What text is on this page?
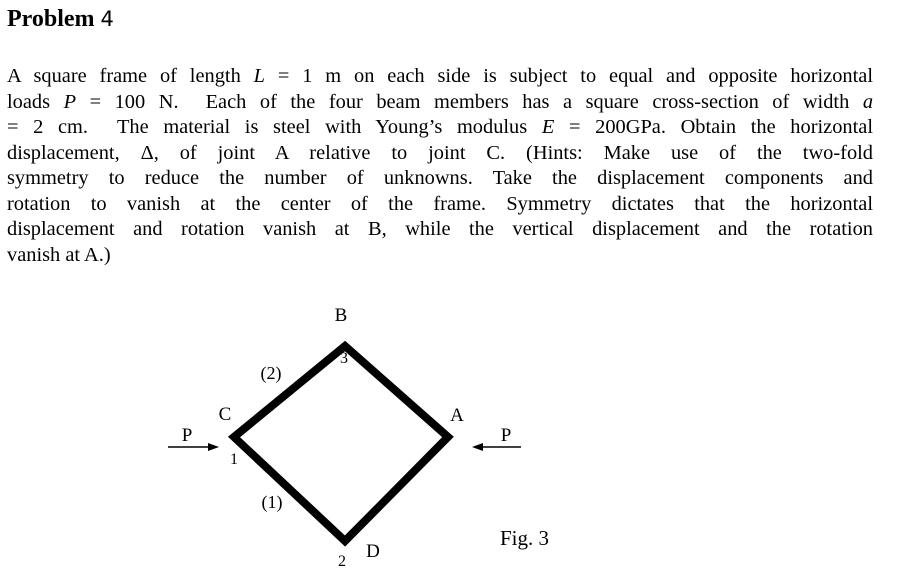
Problem 4

A square frame of length L = 1 m on each side is subject to equal and opposite horizontal
loads P = 100 N.  Each of the four beam members has a square cross-section of width a
= 2 cm.  The material is steel with Young’s modulus E = 200GPa. Obtain the horizontal
displacement, Δ, of joint A relative to joint C. (Hints: Make use of the two-fold
symmetry to reduce the number of unknowns. Take the displacement components and
rotation to vanish at the center of the frame. Symmetry dictates that the horizontal
displacement and rotation vanish at B, while the vertical displacement and the rotation
vanish at A.)

P	P
B
A
C
D
1
2
3
(2)
(1)
Fig. 3
